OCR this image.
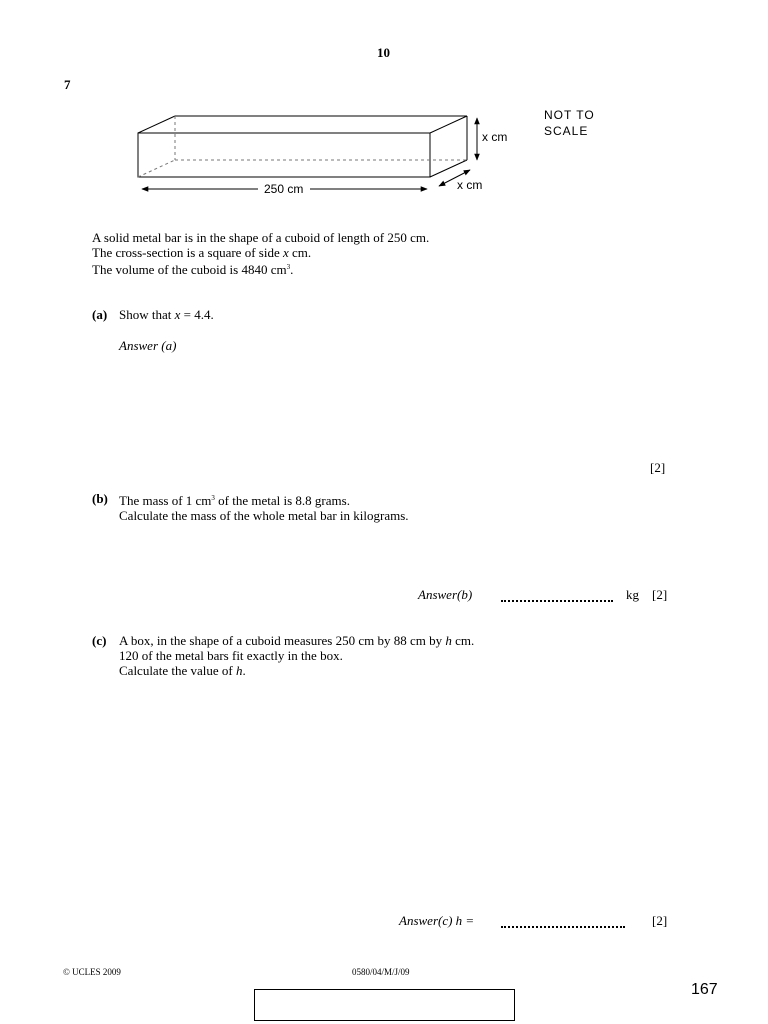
10
7
250 cm
x cm
x cm
NOT TO
SCALE
A solid metal bar is in the shape of a cuboid of length of 250 cm.
The cross-section is a square of side x cm.
The volume of the cuboid is 4840 $cm^3$.
(a) Show that x = 4.4.
Answer (a)
[2]
(b) The mass of 1 $cm^3$ of the metal is 8.8 grams.
Calculate the mass of the whole metal bar in kilograms.
Answer(b)	kg [2]
(c) A box, in the shape of a cuboid measures 250 cm by 88 cm by h cm.
120 of the metal bars fit exactly in the box.
Calculate the value of h.
Answer(c) h =	[2]
© UCLES 2009	0580/04/M/J/09
167
